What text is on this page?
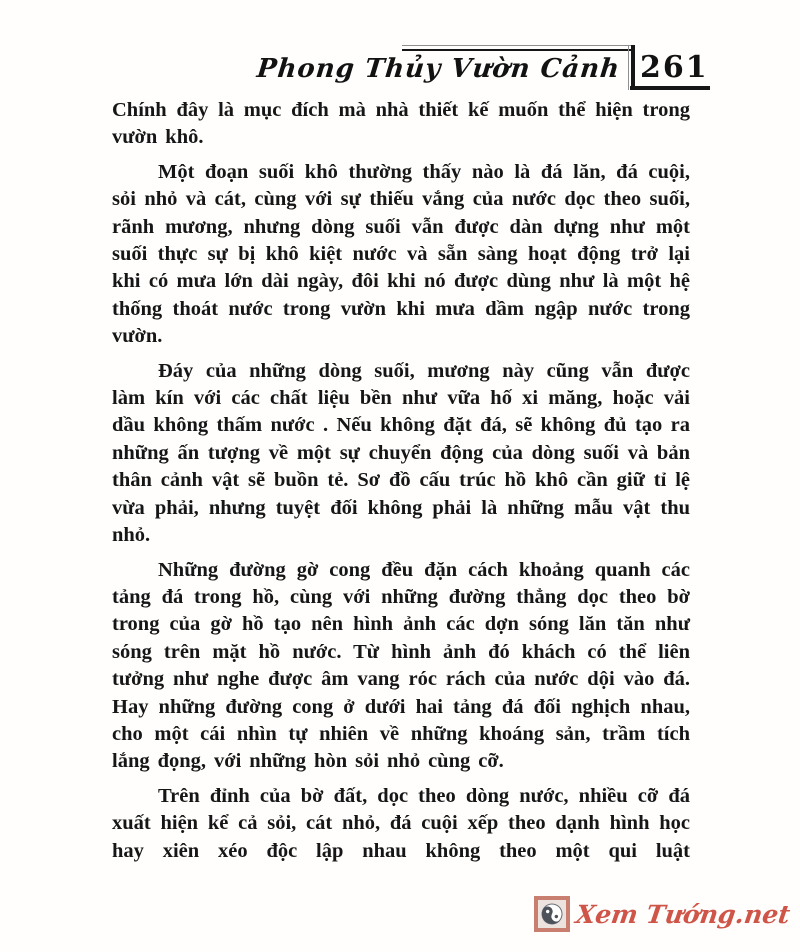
Phong Thủy Vườn Cảnh 261

Chính đây là mục đích mà nhà thiết kế muốn thể hiện trong vườn khô.

Một đoạn suối khô thường thấy nào là đá lăn, đá cuội, sỏi nhỏ và cát, cùng với sự thiếu vắng của nước dọc theo suối, rãnh mương, nhưng dòng suối vẫn được dàn dựng như một suối thực sự bị khô kiệt nước và sẵn sàng hoạt động trở lại khi có mưa lớn dài ngày, đôi khi nó được dùng như là một hệ thống thoát nước trong vườn khi mưa dầm ngập nước trong vườn.

Đáy của những dòng suối, mương này cũng vẫn được làm kín với các chất liệu bền như vữa hố xi măng, hoặc vải dầu không thấm nước . Nếu không đặt đá, sẽ không đủ tạo ra những ấn tượng về một sự chuyển động của dòng suối và bản thân cảnh vật sẽ buồn tẻ. Sơ đồ cấu trúc hồ khô cần giữ tỉ lệ vừa phải, nhưng tuyệt đối không phải là những mẫu vật thu nhỏ.

Những đường gờ cong đều đặn cách khoảng quanh các tảng đá trong hồ, cùng với những đường thẳng dọc theo bờ trong của gờ hồ tạo nên hình ảnh các dợn sóng lăn tăn như sóng trên mặt hồ nước. Từ hình ảnh đó khách có thể liên tưởng như nghe được âm vang róc rách của nước dội vào đá. Hay những đường cong ở dưới hai tảng đá đối nghịch nhau, cho một cái nhìn tự nhiên về những khoáng sản, trầm tích lắng đọng, với những hòn sỏi nhỏ cùng cỡ.

Trên đỉnh của bờ đất, dọc theo dòng nước, nhiều cỡ đá xuất hiện kể cả sỏi, cát nhỏ, đá cuội xếp theo dạnh hình học hay xiên xéo độc lập nhau không theo một qui luật

Xem Tướng.net
